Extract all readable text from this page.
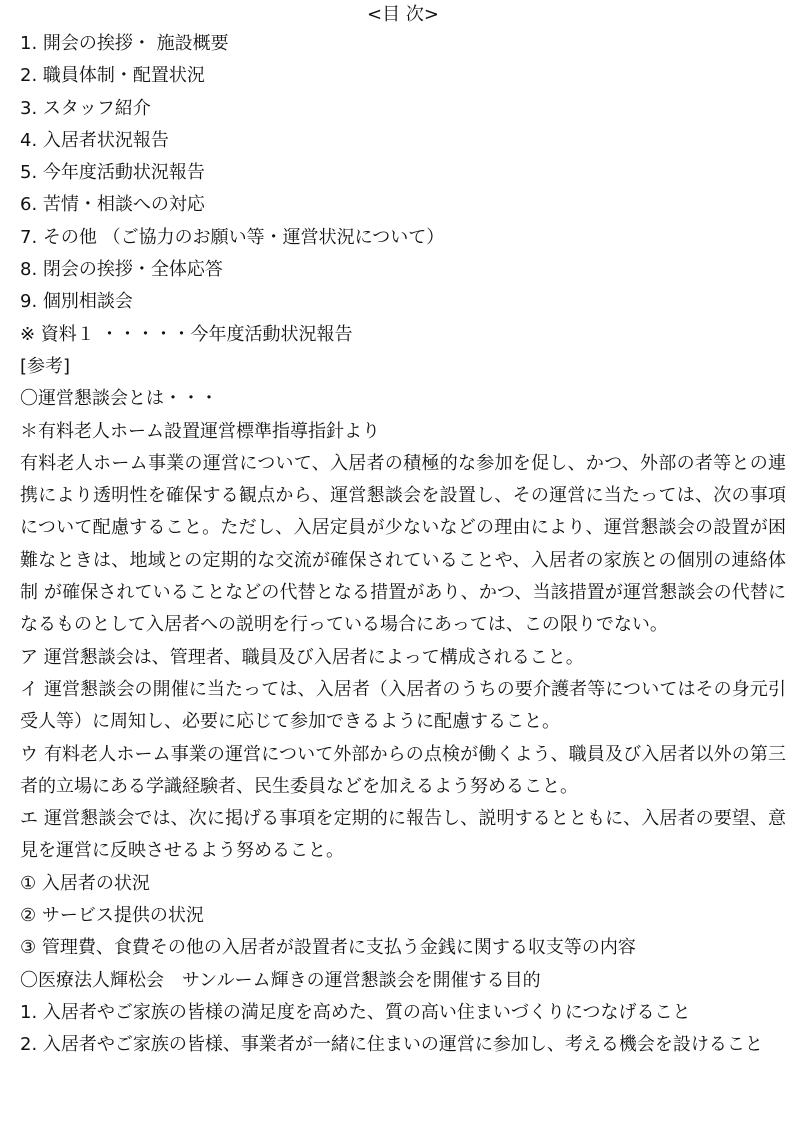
<目 次>
1. 開会の挨拶・ 施設概要
2. 職員体制・配置状況
3. スタッフ紹介
4. 入居者状況報告
5. 今年度活動状況報告
6. 苦情・相談への対応
7. その他 （ご協力のお願い等・運営状況について）
8. 閉会の挨拶・全体応答
9. 個別相談会
※ 資料１ ・・・・・今年度活動状況報告
[参考]
〇運営懇談会とは・・・
＊有料老人ホーム設置運営標準指導指針より

有料老人ホーム事業の運営について、入居者の積極的な参加を促し、かつ、外部の者等との連携により透明性を確保する観点から、運営懇談会を設置し、その運営に当たっては、次の事項について配慮すること。ただし、入居定員が少ないなどの理由により、運営懇談会の設置が困難なときは、地域との定期的な交流が確保されていることや、入居者の家族との個別の連絡体制 が確保されていることなどの代替となる措置があり、かつ、当該措置が運営懇談会の代替になるものとして入居者への説明を行っている場合にあっては、この限りでない。

ア 運営懇談会は、管理者、職員及び入居者によって構成されること。

イ 運営懇談会の開催に当たっては、入居者（入居者のうちの要介護者等についてはその身元引受人等）に周知し、必要に応じて参加できるように配慮すること。

ウ 有料老人ホーム事業の運営について外部からの点検が働くよう、職員及び入居者以外の第三者的立場にある学識経験者、民生委員などを加えるよう努めること。

エ 運営懇談会では、次に掲げる事項を定期的に報告し、説明するとともに、入居者の要望、意見を運営に反映させるよう努めること。

① 入居者の状況
② サービス提供の状況
③ 管理費、食費その他の入居者が設置者に支払う金銭に関する収支等の内容
〇医療法人輝松会　サンルーム輝きの運営懇談会を開催する目的
1. 入居者やご家族の皆様の満足度を高めた、質の高い住まいづくりにつなげること

2. 入居者やご家族の皆様、事業者が一緒に住まいの運営に参加し、考える機会を設けること
